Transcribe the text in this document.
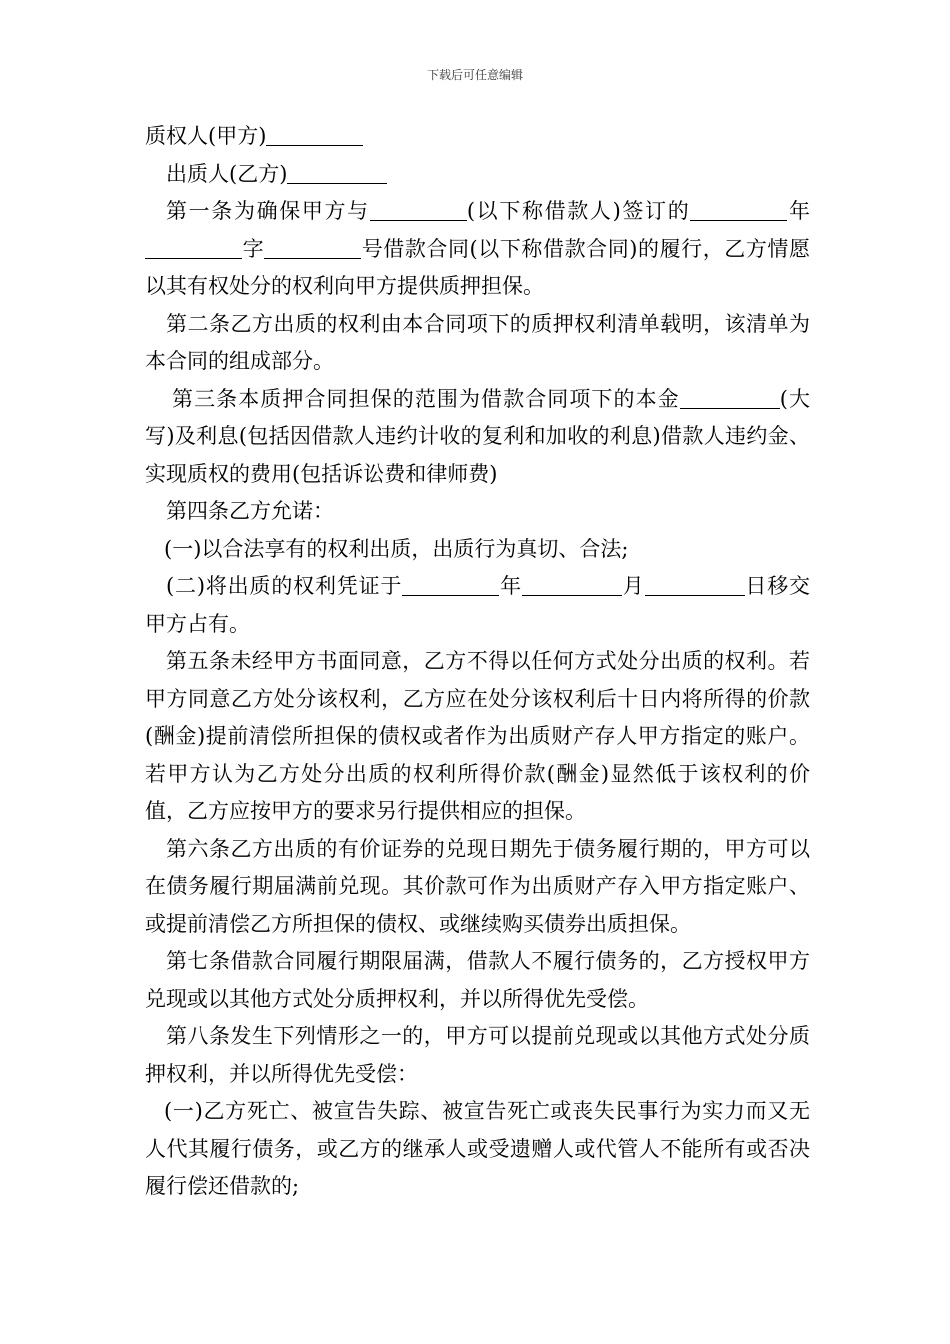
下载后可任意编辑

质权人(甲方)

出质人(乙方)

第一条为确保甲方与	(以下称借款人)签订的	年字	号借款合同(以下称借款合同)的履行，乙方情愿以其有权处分的权利向甲方提供质押担保。

第二条乙方出质的权利由本合同项下的质押权利清单载明，该清单为本合同的组成部分。

第三条本质押合同担保的范围为借款合同项下的本金	(大写)及利息(包括因借款人违约计收的复利和加收的利息)借款人违约金、实现质权的费用(包括诉讼费和律师费)

第四条乙方允诺：

(一)以合法享有的权利出质，出质行为真切、合法;

(二)将出质的权利凭证于	年	月	日移交甲方占有。

第五条未经甲方书面同意，乙方不得以任何方式处分出质的权利。若甲方同意乙方处分该权利，乙方应在处分该权利后十日内将所得的价款(酬金)提前清偿所担保的债权或者作为出质财产存人甲方指定的账户。若甲方认为乙方处分出质的权利所得价款(酬金)显然低于该权利的价值，乙方应按甲方的要求另行提供相应的担保。

第六条乙方出质的有价证券的兑现日期先于债务履行期的，甲方可以在债务履行期届满前兑现。其价款可作为出质财产存入甲方指定账户、或提前清偿乙方所担保的债权、或继续购买债券出质担保。

第七条借款合同履行期限届满，借款人不履行债务的，乙方授权甲方兑现或以其他方式处分质押权利，并以所得优先受偿。

第八条发生下列情形之一的，甲方可以提前兑现或以其他方式处分质押权利，并以所得优先受偿：

(一)乙方死亡、被宣告失踪、被宣告死亡或丧失民事行为实力而又无人代其履行债务，或乙方的继承人或受遗赠人或代管人不能所有或否决履行偿还借款的;
